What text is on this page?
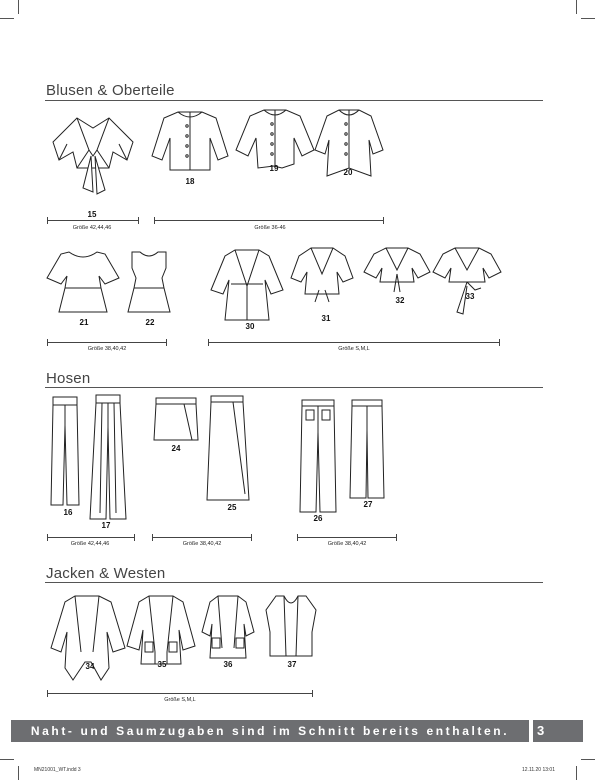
Blusen & Oberteile
15
18
19	20
Größe 42,44,46	Größe 36-46
21	22	30
31
32	33
Größe 38,40,42	Größe S,M,L
Hosen
16
17
24
25
26
27
Größe 42,44,46	Größe 38,40,42	Größe 38,40,42
Jacken & Westen
34	35	36	37
Größe S,M,L
Naht- und Saumzugaben sind im Schnitt bereits enthalten.	3
MN21001_WT.indd 3	12.11.20 13:01
